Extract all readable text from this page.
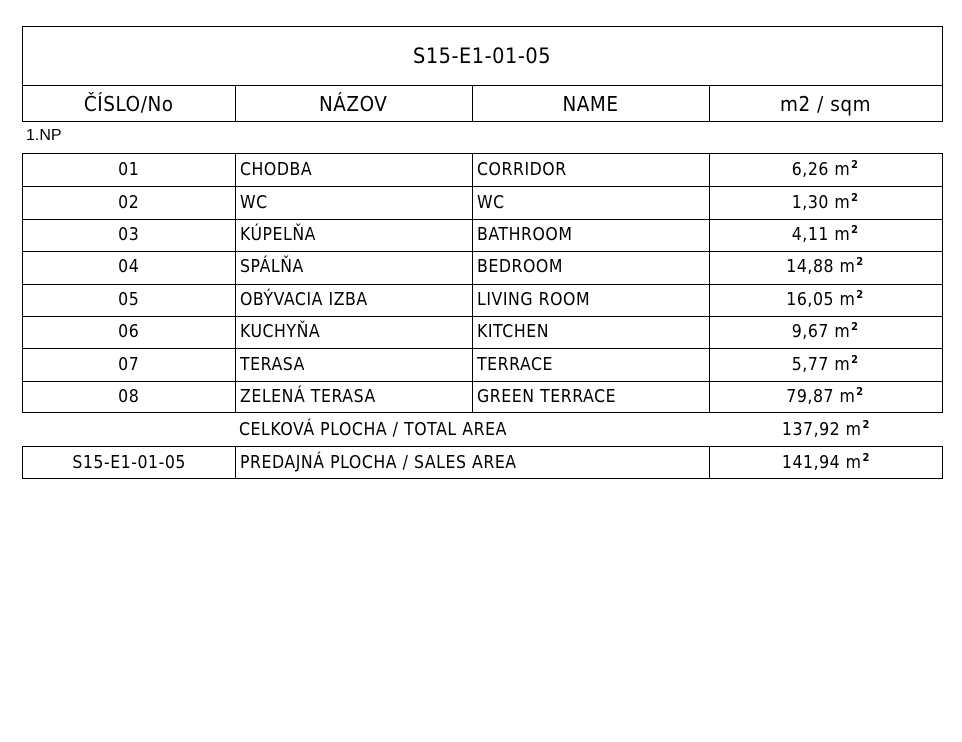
S15-E1-01-05
ČÍSLO/No	NÁZOV	NAME	m2 / sqm
1.NP
01	CHODBA	CORRIDOR	6,26 $m^2$
02	WC	WC	1,30 $m^2$
03	KÚPELŇA	BATHROOM	4,11 $m^2$
04	SPÁLŇA	BEDROOM	14,88 $m^2$
05	OBÝVACIA IZBA	LIVING ROOM	16,05 $m^2$
06	KUCHYŇA	KITCHEN	9,67 $m^2$
07	TERASA	TERRACE	5,77 $m^2$
08	ZELENÁ TERASA	GREEN TERRACE	79,87 $m^2$
CELKOVÁ PLOCHA / TOTAL AREA	137,92 $m^2$
S15-E1-01-05	PREDAJNÁ PLOCHA / SALES AREA	141,94 $m^2$
